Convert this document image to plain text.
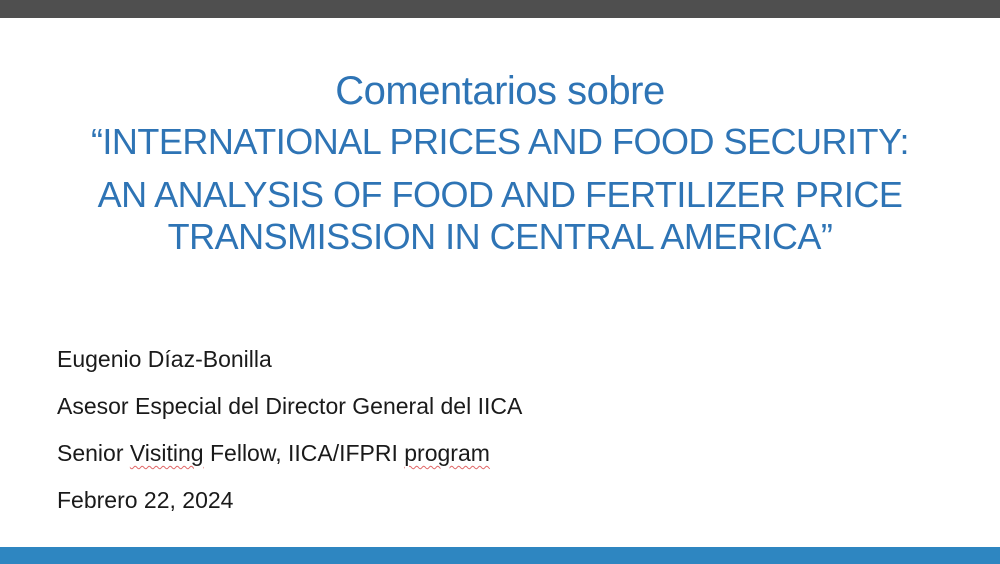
Comentarios sobre
“INTERNATIONAL PRICES AND FOOD SECURITY:
AN ANALYSIS OF FOOD AND FERTILIZER PRICE
TRANSMISSION IN CENTRAL AMERICA”

Eugenio Díaz-Bonilla

Asesor Especial del Director General del IICA

Senior Visiting Fellow, IICA/IFPRI program

Febrero 22, 2024
